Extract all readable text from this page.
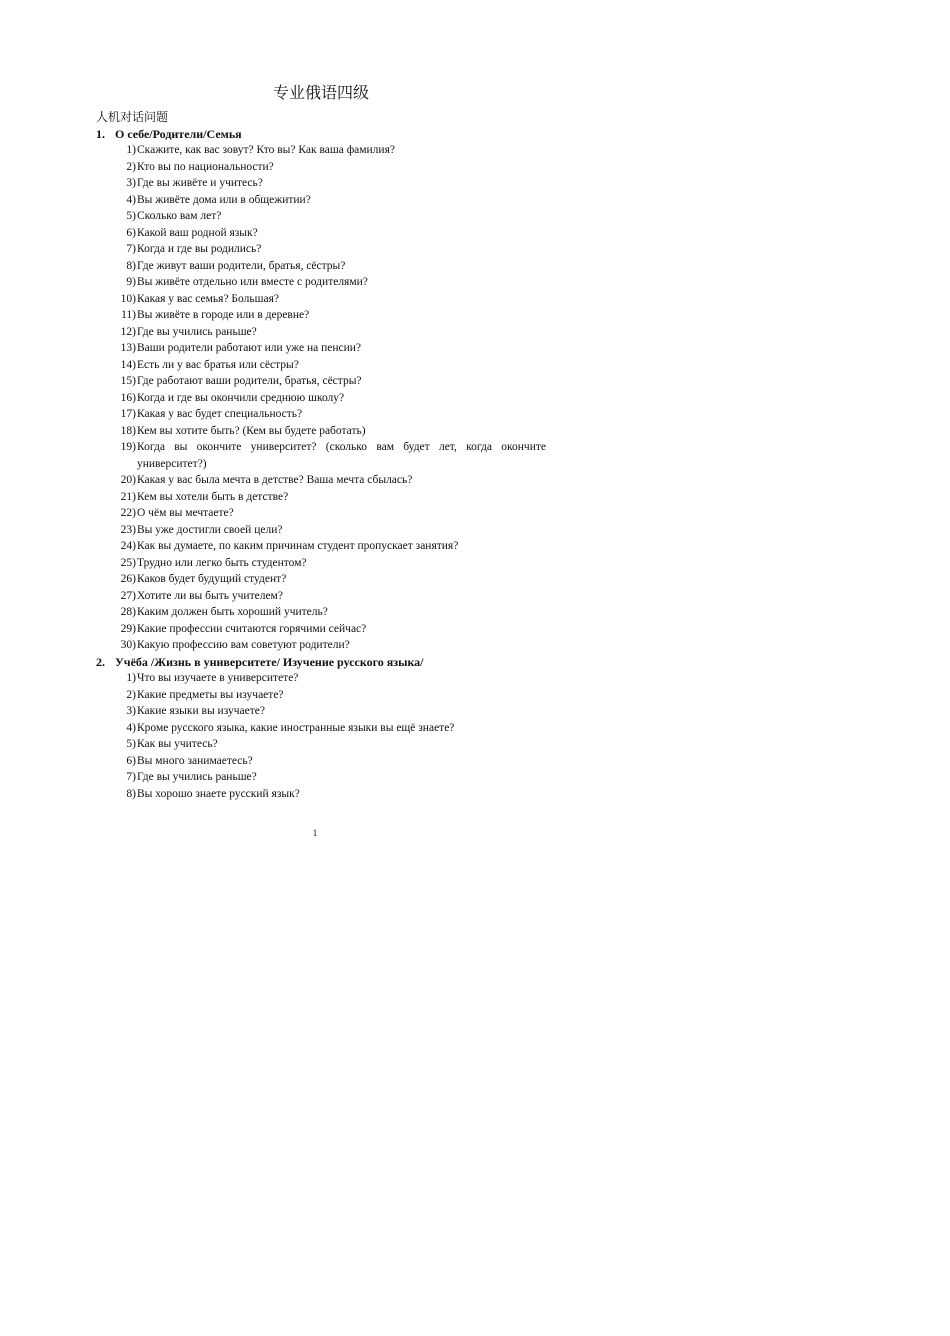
专业俄语四级
人机对话问题
1. О себе/Родители/Семья
1) Скажите, как вас зовут? Кто вы? Как ваша фамилия?
2) Кто вы по национальности?
3) Где вы живёте и учитесь?
4) Вы живёте дома или в общежитии?
5) Сколько вам лет?
6) Какой ваш родной язык?
7) Когда и где вы родились?
8) Где живут ваши родители, братья, сёстры?
9) Вы живёте отдельно или вместе с родителями?
10) Какая у вас семья? Большая?
11) Вы живёте в городе или в деревне?
12) Где вы учились раньше?
13) Ваши родители работают или уже на пенсии?
14) Есть ли у вас братья или сёстры?
15) Где работают ваши родители, братья, сёстры?
16) Когда и где вы окончили среднюю школу?
17) Какая у вас будет специальность?
18) Кем вы хотите быть? (Кем вы будете работать)
19) Когда вы окончите университет? (сколько вам будет лет, когда окончите университет?)
20) Какая у вас была мечта в детстве? Ваша мечта сбылась?
21) Кем вы хотели быть в детстве?
22) О чём вы мечтаете?
23) Вы уже достигли своей цели?
24) Как вы думаете, по каким причинам студент пропускает занятия?
25) Трудно или легко быть студентом?
26) Каков будет будущий студент?
27) Хотите ли вы быть учителем?
28) Каким должен быть хороший учитель?
29) Какие профессии считаются горячими сейчас?
30) Какую профессию вам советуют родители?
2. Учёба /Жизнь в университете/ Изучение русского языка/
1) Что вы изучаете в университете?
2) Какие предметы вы изучаете?
3) Какие языки вы изучаете?
4) Кроме русского языка, какие иностранные языки вы ещё знаете?
5) Как вы учитесь?
6) Вы много занимаетесь?
7) Где вы учились раньше?
8) Вы хорошо знаете русский язык?
1
